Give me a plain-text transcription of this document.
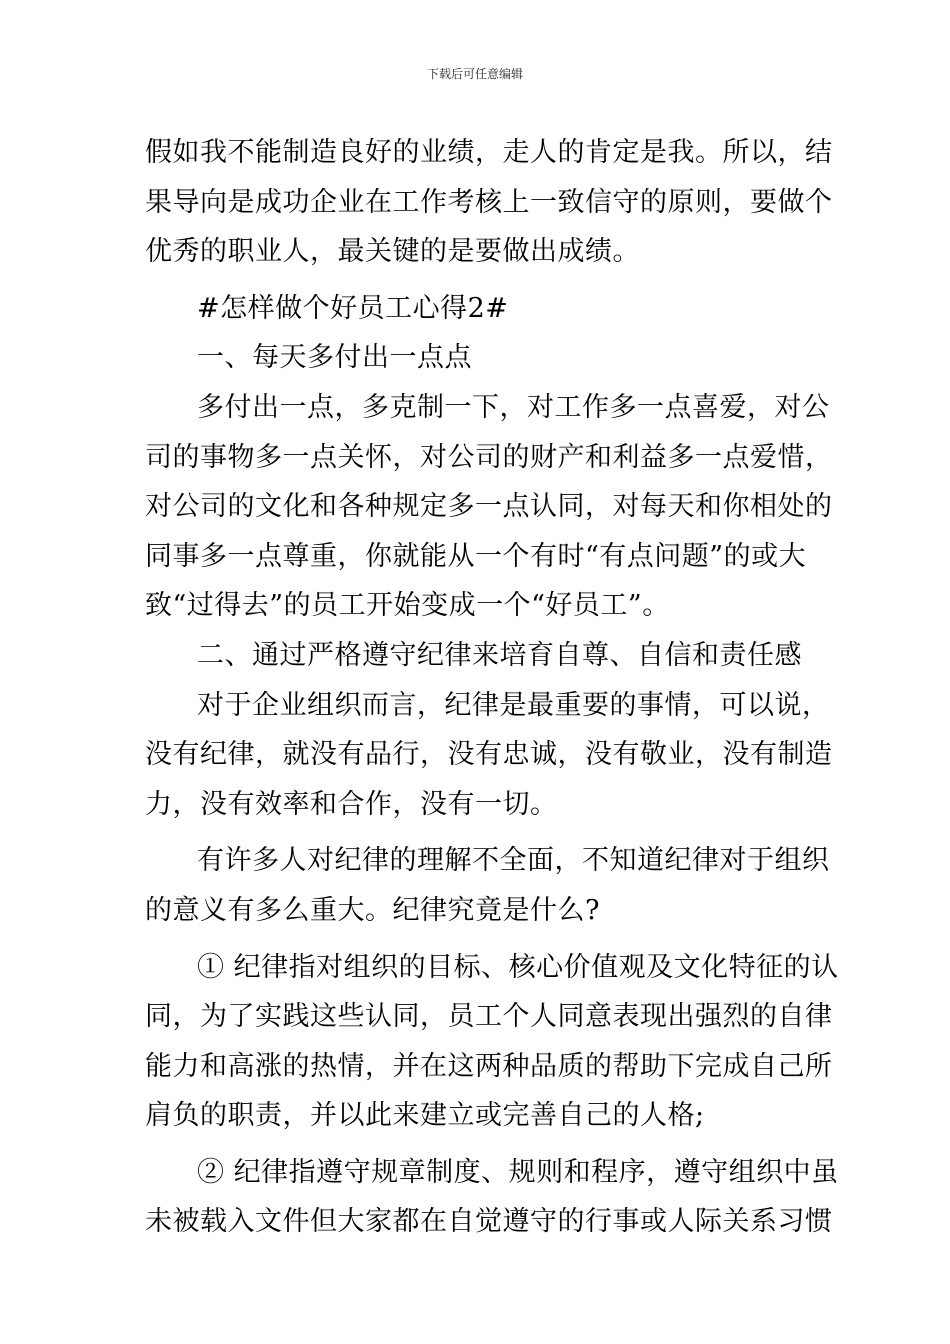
下载后可任意编辑
假如我不能制造良好的业绩，走人的肯定是我。所以，结
果导向是成功企业在工作考核上一致信守的原则，要做个
优秀的职业人，最关键的是要做出成绩。
#怎样做个好员工心得2#
一、每天多付出一点点
多付出一点，多克制一下，对工作多一点喜爱，对公
司的事物多一点关怀，对公司的财产和利益多一点爱惜，
对公司的文化和各种规定多一点认同，对每天和你相处的
同事多一点尊重，你就能从一个有时“有点问题”的或大
致“过得去”的员工开始变成一个“好员工”。
二、通过严格遵守纪律来培育自尊、自信和责任感
对于企业组织而言，纪律是最重要的事情，可以说，
没有纪律，就没有品行，没有忠诚，没有敬业，没有制造
力，没有效率和合作，没有一切。
有许多人对纪律的理解不全面，不知道纪律对于组织
的意义有多么重大。纪律究竟是什么?
① 纪律指对组织的目标、核心价值观及文化特征的认
同，为了实践这些认同，员工个人同意表现出强烈的自律
能力和高涨的热情，并在这两种品质的帮助下完成自己所
肩负的职责，并以此来建立或完善自己的人格;
② 纪律指遵守规章制度、规则和程序，遵守组织中虽
未被载入文件但大家都在自觉遵守的行事或人际关系习惯
